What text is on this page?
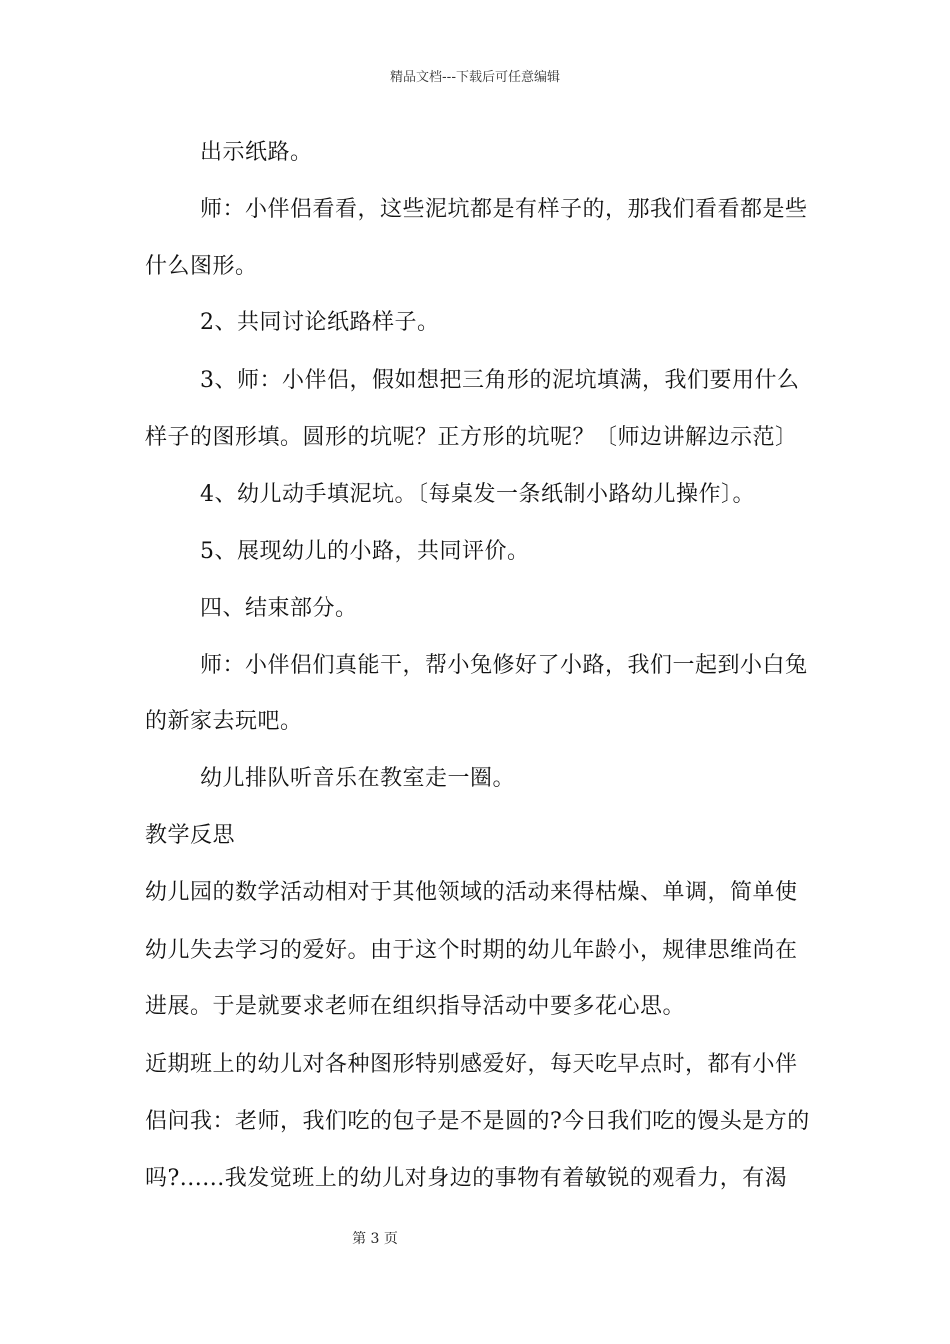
精品文档---下载后可任意编辑
出示纸路。
师：小伴侣看看，这些泥坑都是有样子的，那我们看看都是些
什么图形。
2、共同讨论纸路样子。
3、师：小伴侣，假如想把三角形的泥坑填满，我们要用什么
样子的图形填。圆形的坑呢？正方形的坑呢？〔师边讲解边示范〕
4、幼儿动手填泥坑。〔每桌发一条纸制小路幼儿操作〕。
5、展现幼儿的小路，共同评价。
四、结束部分。
师：小伴侣们真能干，帮小兔修好了小路，我们一起到小白兔
的新家去玩吧。
幼儿排队听音乐在教室走一圈。
教学反思
幼儿园的数学活动相对于其他领域的活动来得枯燥、单调，简单使
幼儿失去学习的爱好。由于这个时期的幼儿年龄小，规律思维尚在
进展。于是就要求老师在组织指导活动中要多花心思。
近期班上的幼儿对各种图形特别感爱好，每天吃早点时，都有小伴
侣问我：老师，我们吃的包子是不是圆的?今日我们吃的馒头是方的
吗?......我发觉班上的幼儿对身边的事物有着敏锐的观看力，有渴
第 3 页
